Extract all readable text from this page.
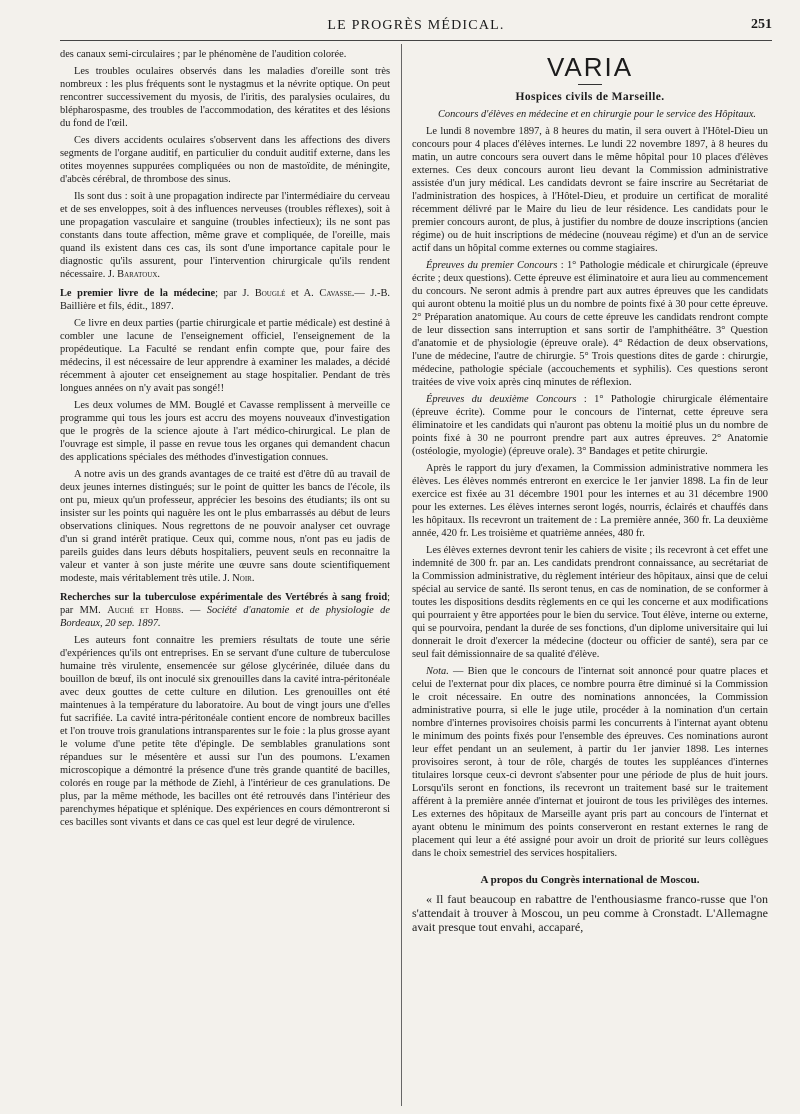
LE PROGRÈS MÉDICAL.	251

des canaux semi-circulaires ; par le phénomène de l'audition colorée.

Les troubles oculaires observés dans les maladies d'oreille sont très nombreux : les plus fréquents sont le nystagmus et la névrite optique. On peut rencontrer successivement du myosis, de l'iritis, des paralysies oculaires, du blépharospasme, des troubles de l'accommodation, des kératites et des lésions du fond de l'œil.

Ces divers accidents oculaires s'observent dans les affections des divers segments de l'organe auditif, en particulier du conduit auditif externe, dans les otites moyennes suppurées compliquées ou non de mastoïdite, de méningite, d'abcès cérébral, de thrombose des sinus.

Ils sont dus : soit à une propagation indirecte par l'intermédiaire du cerveau et de ses enveloppes, soit à des influences nerveuses (troubles réflexes), soit à une propagation vasculaire et sanguine (troubles infectieux); ils ne sont pas constants dans toute affection, même grave et compliquée, de l'oreille, mais quand ils existent dans ces cas, ils sont d'une importance capitale pour le diagnostic qu'ils assurent, pour l'intervention chirurgicale qu'ils rendent nécessaire. J. Baratoux.

Le premier livre de la médecine; par J. Bouglé et A. Cavasse.— J.-B. Baillière et fils, édit., 1897.

Ce livre en deux parties (partie chirurgicale et partie médicale) est destiné à combler une lacune de l'enseignement officiel, l'enseignement de la propédeutique. La Faculté se rendant enfin compte que, pour faire des médecins, il est nécessaire de leur apprendre à examiner les malades, a décidé récemment à ajouter cet enseignement au stage hospitalier. Pendant de très longues années on n'y avait pas songé!!

Les deux volumes de MM. Bouglé et Cavasse remplissent à merveille ce programme qui tous les jours est accru des moyens nouveaux d'investigation que le progrès de la science ajoute à l'art médico-chirurgical. Le plan de l'ouvrage est simple, il passe en revue tous les organes qui demandent chacun des applications spéciales des méthodes d'investigation connues.

A notre avis un des grands avantages de ce traité est d'être dû au travail de deux jeunes internes distingués; sur le point de quitter les bancs de l'école, ils ont pu, mieux qu'un professeur, apprécier les besoins des étudiants; ils ont su insister sur les points qui naguère les ont le plus embarrassés au début de leurs observations cliniques. Nous regrettons de ne pouvoir analyser cet ouvrage d'un si grand intérêt pratique. Ceux qui, comme nous, n'ont pas eu jadis de pareils guides dans leurs débuts hospitaliers, peuvent seuls en reconnaitre la valeur et vanter à son juste mérite une œuvre sans doute scientifiquement modeste, mais véritablement très utile. J. Noir.

Recherches sur la tuberculose expérimentale des Vertébrés à sang froid; par MM. Auché et Hobbs. — Société d'anatomie et de physiologie de Bordeaux, 20 sep. 1897.

Les auteurs font connaitre les premiers résultats de toute une série d'expériences qu'ils ont entreprises. En se servant d'une culture de tuberculose humaine très virulente, ensemencée sur gélose glycérinée, diluée dans du bouillon de bœuf, ils ont inoculé six grenouilles dans la cavité intra-péritonéale avec deux gouttes de cette culture en dilution. Les grenouilles ont été maintenues à la température du laboratoire. Au bout de vingt jours une d'elles fut sacrifiée. La cavité intra-péritonéale contient encore de nombreux bacilles et l'on trouve trois granulations intransparentes sur le foie : la plus grosse ayant le volume d'une petite tête d'épingle. De semblables granulations sont répandues sur le mésentère et aussi sur l'un des poumons. L'examen microscopique a démontré la présence d'une très grande quantité de bacilles, colorés en rouge par la méthode de Ziehl, à l'intérieur de ces granulations. De plus, par la même méthode, les bacilles ont été retrouvés dans l'intérieur des parenchymes hépatique et splénique. Des expériences en cours démontreront si ces bacilles sont vivants et dans ce cas quel est leur degré de virulence.

VARIA
Hospices civils de Marseille.

Concours d'élèves en médecine et en chirurgie pour le service des Hôpitaux.

Le lundi 8 novembre 1897, à 8 heures du matin, il sera ouvert à l'Hôtel-Dieu un concours pour 4 places d'élèves internes. Le lundi 22 novembre 1897, à 8 heures du matin, un autre concours sera ouvert dans le même hôpital pour 10 places d'élèves externes. Ces deux concours auront lieu devant la Commission administrative assistée d'un jury médical. Les candidats devront se faire inscrire au Secrétariat de l'administration des hospices, à l'Hôtel-Dieu, et produire un certificat de moralité récemment délivré par le Maire du lieu de leur résidence. Les candidats pour le premier concours auront, de plus, à justifier du nombre de douze inscriptions (ancien régime) ou de huit inscriptions de médecine (nouveau régime) et d'un an de service actif dans un hôpital comme externes ou comme stagiaires.

Épreuves du premier Concours : 1° Pathologie médicale et chirurgicale (épreuve écrite ; deux questions). Cette épreuve est éliminatoire et aura lieu au commencement du concours. Ne seront admis à prendre part aux autres épreuves que les candidats qui auront obtenu la moitié plus un du nombre de points fixé à 30 pour cette épreuve. 2° Préparation anatomique. Au cours de cette épreuve les candidats rendront compte de leur dissection sans interruption et sans sortir de l'amphithéâtre. 3° Question d'anatomie et de physiologie (épreuve orale). 4° Rédaction de deux observations, l'une de médecine, l'autre de chirurgie. 5° Trois questions dites de garde : chirurgie, médecine, pathologie spéciale (accouchements et syphilis). Ces questions seront traitées de vive voix après cinq minutes de réflexion.

Épreuves du deuxième Concours : 1° Pathologie chirurgicale élémentaire (épreuve écrite). Comme pour le concours de l'internat, cette épreuve sera éliminatoire et les candidats qui n'auront pas obtenu la moitié plus un du nombre de points fixé à 30 ne pourront prendre part aux autres épreuves. 2° Anatomie (ostéologie, myologie) (épreuve orale). 3° Bandages et petite chirurgie.

Après le rapport du jury d'examen, la Commission administrative nommera les élèves. Les élèves nommés entreront en exercice le 1er janvier 1898. La fin de leur exercice est fixée au 31 décembre 1901 pour les internes et au 31 décembre 1900 pour les externes. Les élèves internes seront logés, nourris, éclairés et chauffés dans les hôpitaux. Ils recevront un traitement de : La première année, 360 fr. La deuxième année, 420 fr. Les troisième et quatrième années, 480 fr.

Les élèves externes devront tenir les cahiers de visite ; ils recevront à cet effet une indemnité de 300 fr. par an. Les candidats prendront connaissance, au secrétariat de la Commission administrative, du règlement intérieur des hôpitaux, ainsi que de celui spécial au service de santé. Ils seront tenus, en cas de nomination, de se conformer à toutes les dispositions desdits règlements en ce qui les concerne et aux modifications qui pourraient y être apportées pour le bien du service. Tout élève, interne ou externe, qui se pourvoira, pendant la durée de ses fonctions, d'un diplome universitaire qui lui donnerait le droit d'exercer la médecine (docteur ou officier de santé), sera par ce seul fait démissionnaire de sa qualité d'élève.

Nota. — Bien que le concours de l'internat soit annoncé pour quatre places et celui de l'externat pour dix places, ce nombre pourra être diminué si la Commission le croit nécessaire. En outre des nominations annoncées, la Commission administrative pourra, si elle le juge utile, procéder à la nomination d'un certain nombre d'internes provisoires choisis parmi les concurrents à l'internat ayant obtenu le minimum des points fixés pour l'ensemble des épreuves. Ces nominations auront leur effet pendant un an seulement, à partir du 1er janvier 1898. Les internes provisoires seront, à tour de rôle, chargés de toutes les suppléances d'internes titulaires lorsque ceux-ci devront s'absenter pour une période de plus de huit jours. Lorsqu'ils seront en fonctions, ils recevront un traitement basé sur le traitement afférent à la première année d'internat et jouiront de tous les privilèges des internes. Les externes des hôpitaux de Marseille ayant pris part au concours de l'internat et ayant obtenu le minimum des points conserveront en restant externes le rang de placement qui leur a été assigné pour avoir un droit de priorité sur leurs collègues dans le choix semestriel des services hospitaliers.

A propos du Congrès international de Moscou.

« Il faut beaucoup en rabattre de l'enthousiasme franco-russe que l'on s'attendait à trouver à Moscou, un peu comme à Cronstadt. L'Allemagne avait presque tout envahi, accaparé,
